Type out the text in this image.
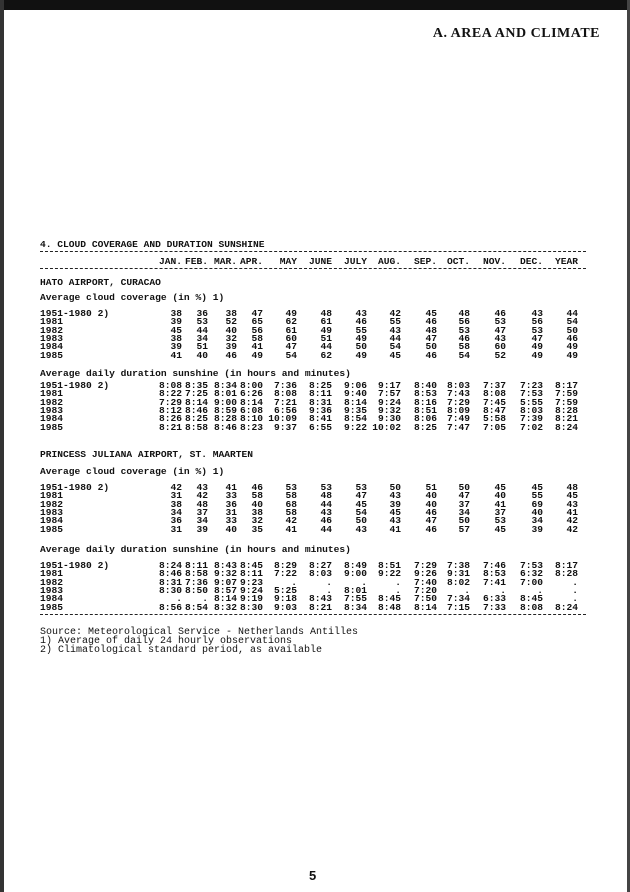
A. AREA AND CLIMATE
4. CLOUD COVERAGE AND DURATION SUNSHINE
JAN. FEB. MAR. APR.	MAY	JUNE	JULY	AUG.	SEP.	OCT.	NOV.	DEC.	YEAR
HATO AIRPORT, CURACAO
Average cloud coverage (in %) 1)
1951-1980 2)	38	36	38	47	49	48	43	42	45	48	46	43	44
1981	39	53	52	65	62	61	46	55	46	56	53	56	54
1982	45	44	40	56	61	49	55	43	48	53	47	53	50
1983	38	34	32	58	60	51	49	44	47	46	43	47	46
1984	39	51	39	41	47	44	50	54	50	58	60	49	49
1985	41	40	46	49	54	62	49	45	46	54	52	49	49
Average daily duration sunshine (in hours and minutes)
1951-1980 2)	8:08 8:35 8:34 8:00	7:36	8:25	9:06	9:17	8:40	8:03	7:37	7:23	8:17
1981	8:22 7:25 8:01 6:26	8:08	8:11	9:40	7:57	8:53	7:43	8:08	7:53	7:59
1982	7:29 8:14 9:00 8:14	7:21	8:31	8:14	9:24	8:16	7:29	7:45	5:55	7:59
1983	8:12 8:46 8:59 6:08	6:56	9:36	9:35	9:32	8:51	8:09	8:47	8:03	8:28
1984	8:26 8:25 8:28 8:10 10:09	8:41	8:54	9:30	8:06	7:49	5:58	7:39	8:21
1985	8:21 8:58 8:46 8:23	9:37	6:55	9:22 10:02	8:25	7:47	7:05	7:02	8:24
PRINCESS JULIANA AIRPORT, ST. MAARTEN
Average cloud coverage (in %) 1)
1951-1980 2)	42	43	41	46	53	53	53	50	51	50	45	45	48
1981	31	42	33	58	58	48	47	43	40	47	40	55	45
1982	38	48	36	40	68	44	45	39	40	37	41	69	43
1983	34	37	31	38	58	43	54	45	46	34	37	40	41
1984	36	34	33	32	42	46	50	43	47	50	53	34	42
1985	31	39	40	35	41	44	43	41	46	57	45	39	42
Average daily duration sunshine (in hours and minutes)
1951-1980 2)	8:24 8:11 8:43 8:45	8:29	8:27	8:49	8:51	7:29	7:38	7:46	7:53	8:17
1981	8:46 8:58 9:32 8:11	7:22	8:03	9:00	9:22	9:26	9:31	8:53	6:32	8:28
1982	8:31 7:36 9:07 9:23	.	.	.	.	7:40	8:02	7:41	7:00	.
1983	8:30 8:50 8:57 9:24	5:25	.	8:01	.	7:20	.	.	.	.
1984	.	. 8:14 9:19	9:18	8:43	7:55	8:45	7:50	7:34	6:33	8:45	.
1985	8:56 8:54 8:32 8:30	9:03	8:21	8:34	8:48	8:14	7:15	7:33	8:08	8:24
Source: Meteorological Service - Netherlands Antilles
1) Average of daily 24 hourly observations
2) Climatological standard period, as available
5
